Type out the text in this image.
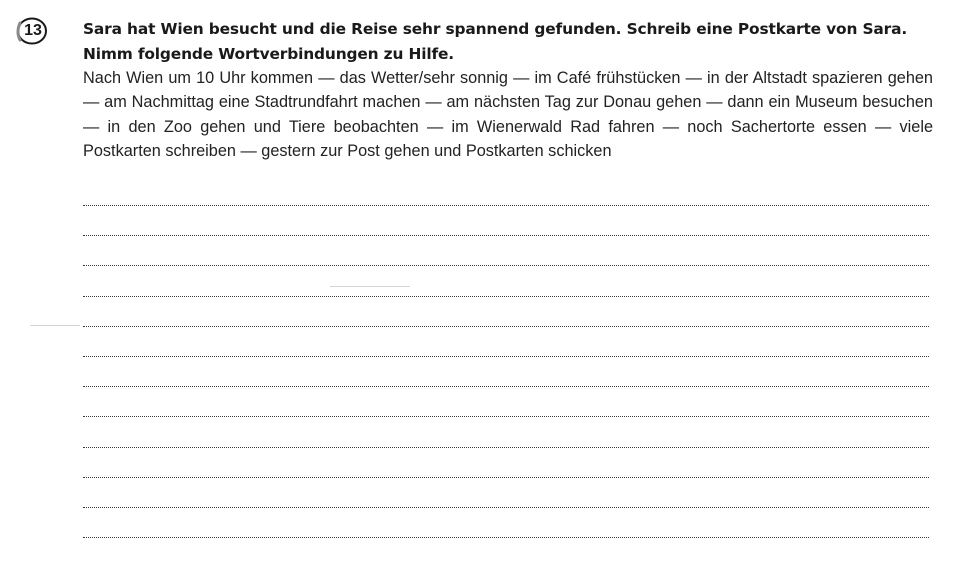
13	Sara hat Wien besucht und die Reise sehr spannend gefunden. Schreib eine Postkarte von Sara. Nimm folgende Wortverbindungen zu Hilfe.

Nach Wien um 10 Uhr kommen — das Wetter/sehr sonnig — im Café frühstücken — in der Altstadt spazieren gehen — am Nachmittag eine Stadtrundfahrt machen — am nächsten Tag zur Donau gehen — dann ein Museum besuchen — in den Zoo gehen und Tiere beobachten — im Wienerwald Rad fahren — noch Sachertorte essen — viele Postkarten schreiben — gestern zur Post gehen und Postkarten schicken
